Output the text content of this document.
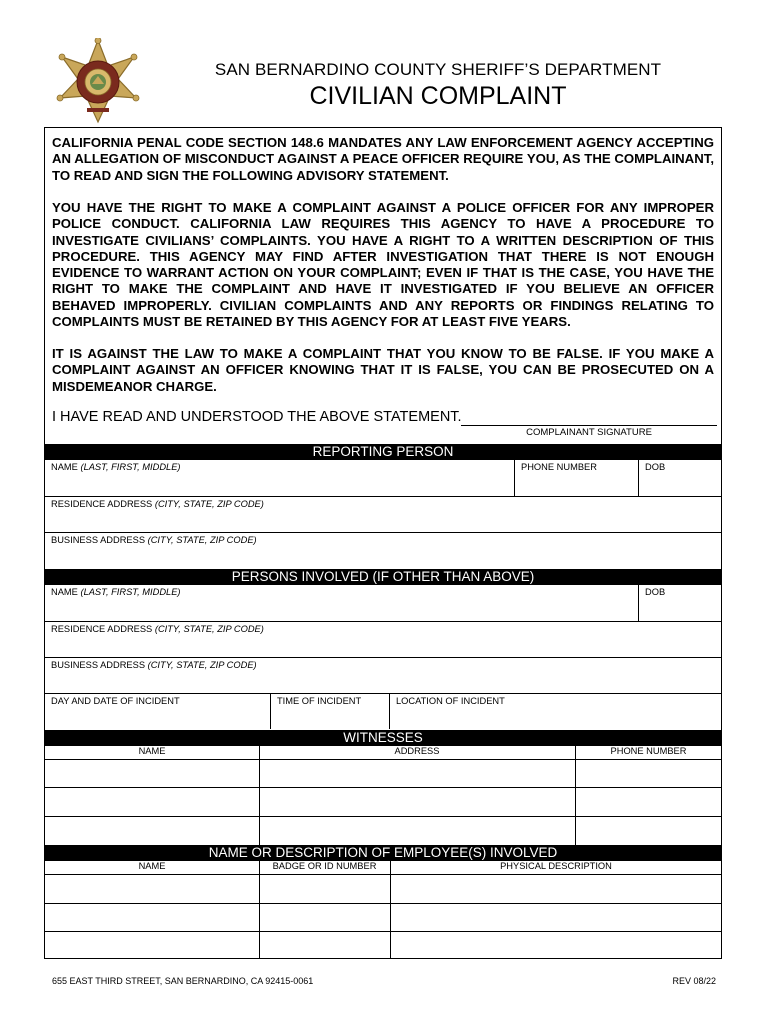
SAN BERNARDINO COUNTY SHERIFF’S DEPARTMENT
CIVILIAN COMPLAINT

CALIFORNIA PENAL CODE SECTION 148.6 MANDATES ANY LAW ENFORCEMENT AGENCY ACCEPTING AN ALLEGATION OF MISCONDUCT AGAINST A PEACE OFFICER REQUIRE YOU, AS THE COMPLAINANT, TO READ AND SIGN THE FOLLOWING ADVISORY STATEMENT.

YOU HAVE THE RIGHT TO MAKE A COMPLAINT AGAINST A POLICE OFFICER FOR ANY IMPROPER POLICE CONDUCT. CALIFORNIA LAW REQUIRES THIS AGENCY TO HAVE A PROCEDURE TO INVESTIGATE CIVILIANS’ COMPLAINTS. YOU HAVE A RIGHT TO A WRITTEN DESCRIPTION OF THIS PROCEDURE. THIS AGENCY MAY FIND AFTER INVESTIGATION THAT THERE IS NOT ENOUGH EVIDENCE TO WARRANT ACTION ON YOUR COMPLAINT; EVEN IF THAT IS THE CASE, YOU HAVE THE RIGHT TO MAKE THE COMPLAINT AND HAVE IT INVESTIGATED IF YOU BELIEVE AN OFFICER BEHAVED IMPROPERLY. CIVILIAN COMPLAINTS AND ANY REPORTS OR FINDINGS RELATING TO COMPLAINTS MUST BE RETAINED BY THIS AGENCY FOR AT LEAST FIVE YEARS.

IT IS AGAINST THE LAW TO MAKE A COMPLAINT THAT YOU KNOW TO BE FALSE. IF YOU MAKE A COMPLAINT AGAINST AN OFFICER KNOWING THAT IT IS FALSE, YOU CAN BE PROSECUTED ON A MISDEMEANOR CHARGE.

I HAVE READ AND UNDERSTOOD THE ABOVE STATEMENT.
COMPLAINANT SIGNATURE
REPORTING PERSON
NAME (LAST, FIRST, MIDDLE)	PHONE NUMBER	DOB
RESIDENCE ADDRESS (CITY, STATE, ZIP CODE)
BUSINESS ADDRESS (CITY, STATE, ZIP CODE)
PERSONS INVOLVED (IF OTHER THAN ABOVE)
NAME (LAST, FIRST, MIDDLE)	DOB
RESIDENCE ADDRESS (CITY, STATE, ZIP CODE)
BUSINESS ADDRESS (CITY, STATE, ZIP CODE)
DAY AND DATE OF INCIDENT	TIME OF INCIDENT	LOCATION OF INCIDENT
WITNESSES
NAME	ADDRESS	PHONE NUMBER
NAME OR DESCRIPTION OF EMPLOYEE(S) INVOLVED
NAME	BADGE OR ID NUMBER	PHYSICAL DESCRIPTION
655 EAST THIRD STREET, SAN BERNARDINO, CA 92415-0061	REV 08/22
